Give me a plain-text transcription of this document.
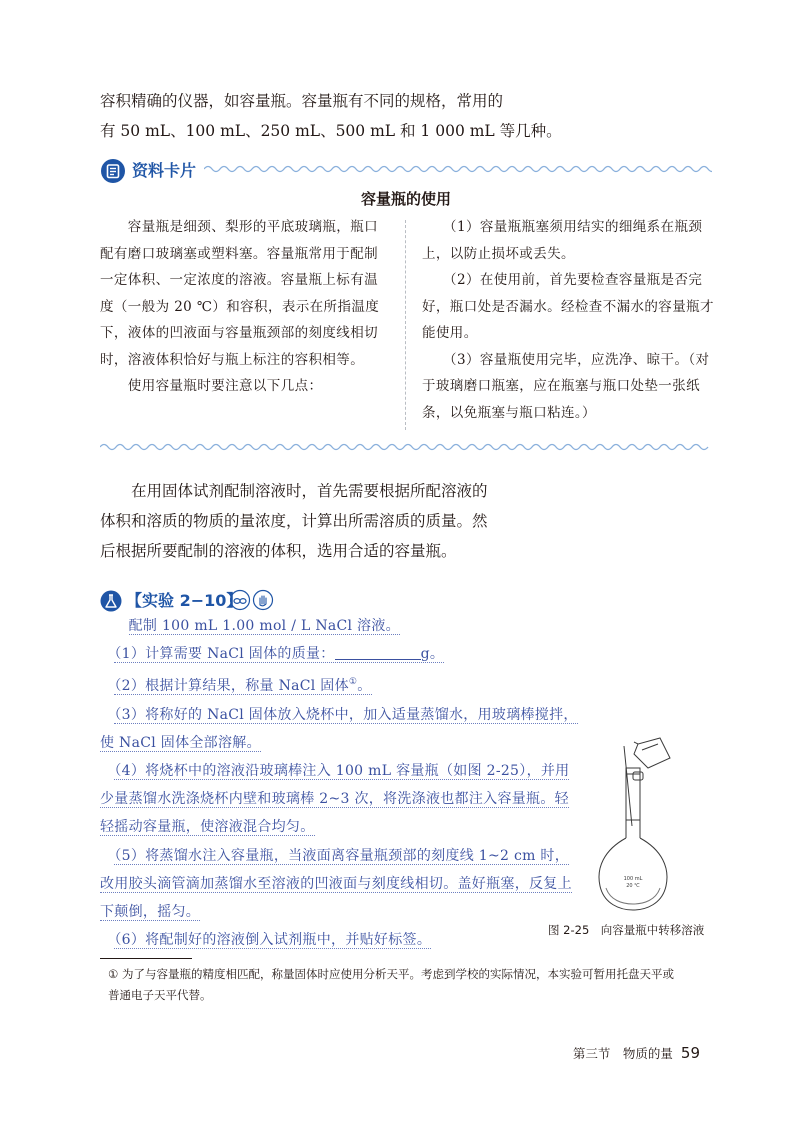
容积精确的仪器，如容量瓶。容量瓶有不同的规格，常用的

有 50 mL、100 mL、250 mL、500 mL 和 1 000 mL 等几种。

资料卡片
容量瓶的使用

　　容量瓶是细颈、梨形的平底玻璃瓶，瓶口配有磨口玻璃塞或塑料塞。容量瓶常用于配制一定体积、一定浓度的溶液。容量瓶上标有温度（一般为 20 ℃）和容积，表示在所指温度下，液体的凹液面与容量瓶颈部的刻度线相切时，溶液体积恰好与瓶上标注的容积相等。

　　使用容量瓶时要注意以下几点：

　　（1）容量瓶瓶塞须用结实的细绳系在瓶颈上，以防止损坏或丢失。

　　（2）在使用前，首先要检查容量瓶是否完好，瓶口处是否漏水。经检查不漏水的容量瓶才能使用。

　　（3）容量瓶使用完毕，应洗净、晾干。（对于玻璃磨口瓶塞，应在瓶塞与瓶口处垫一张纸条，以免瓶塞与瓶口粘连。）

　　在用固体试剂配制溶液时，首先需要根据所配溶液的

体积和溶质的物质的量浓度，计算出所需溶质的质量。然

后根据所要配制的溶液的体积，选用合适的容量瓶。

【实验 2−10】

　　配制 100 mL 1.00 mol / L NaCl 溶液。

　（1）计算需要 NaCl 固体的质量：	g。

　（2）根据计算结果，称量 NaCl 固体①。

　（3）将称好的 NaCl 固体放入烧杯中，加入适量蒸馏水，用玻璃棒搅拌，使 NaCl 固体全部溶解。

　（4）将烧杯中的溶液沿玻璃棒注入 100 mL 容量瓶（如图 2-25），并用少量蒸馏水洗涤烧杯内壁和玻璃棒 2~3 次，将洗涤液也都注入容量瓶。轻轻摇动容量瓶，使溶液混合均匀。

　（5）将蒸馏水注入容量瓶，当液面离容量瓶颈部的刻度线 1~2 cm 时，改用胶头滴管滴加蒸馏水至溶液的凹液面与刻度线相切。盖好瓶塞，反复上下颠倒，摇匀。

　（6）将配制好的溶液倒入试剂瓶中，并贴好标签。

100 mL
20 ℃
图 2-25　向容量瓶中转移溶液

① 为了与容量瓶的精度相匹配，称量固体时应使用分析天平。考虑到学校的实际情况，本实验可暂用托盘天平或

普通电子天平代替。

第三节　物质的量 59
